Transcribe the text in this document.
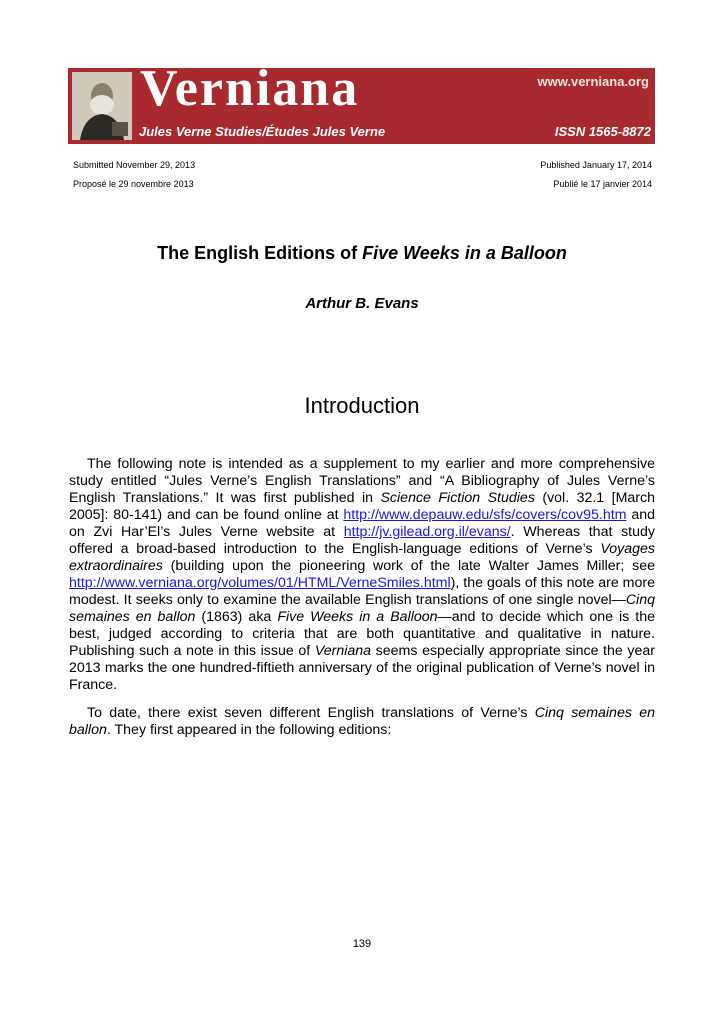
Verniana	www.verniana.org
Jules Verne Studies/Études Jules Verne	ISSN 1565-8872
Submitted November 29, 2013
Proposé le 29 novembre 2013
Published January 17, 2014
Publié le 17 janvier 2014
The English Editions of Five Weeks in a Balloon
Arthur B. Evans
Introduction

The following note is intended as a supplement to my earlier and more comprehensive study entitled “Jules Verne’s English Translations” and “A Bibliography of Jules Verne’s English Translations.” It was first published in Science Fiction Studies (vol. 32.1 [March 2005]: 80-141) and can be found online at http://www.depauw.edu/sfs/covers/cov95.htm and on Zvi Har’El’s Jules Verne website at http://jv.gilead.org.il/evans/. Whereas that study offered a broad-based introduction to the English-language editions of Verne’s Voyages extraordinaires (building upon the pioneering work of the late Walter James Miller; see http://www.verniana.org/volumes/01/HTML/VerneSmiles.html), the goals of this note are more modest. It seeks only to examine the available English translations of one single novel—Cinq semaines en ballon (1863) aka Five Weeks in a Balloon—and to decide which one is the best, judged according to criteria that are both quantitative and qualitative in nature. Publishing such a note in this issue of Verniana seems especially appropriate since the year 2013 marks the one hundred-fiftieth anniversary of the original publication of Verne’s novel in France.

To date, there exist seven different English translations of Verne’s Cinq semaines en ballon. They first appeared in the following editions:

139
